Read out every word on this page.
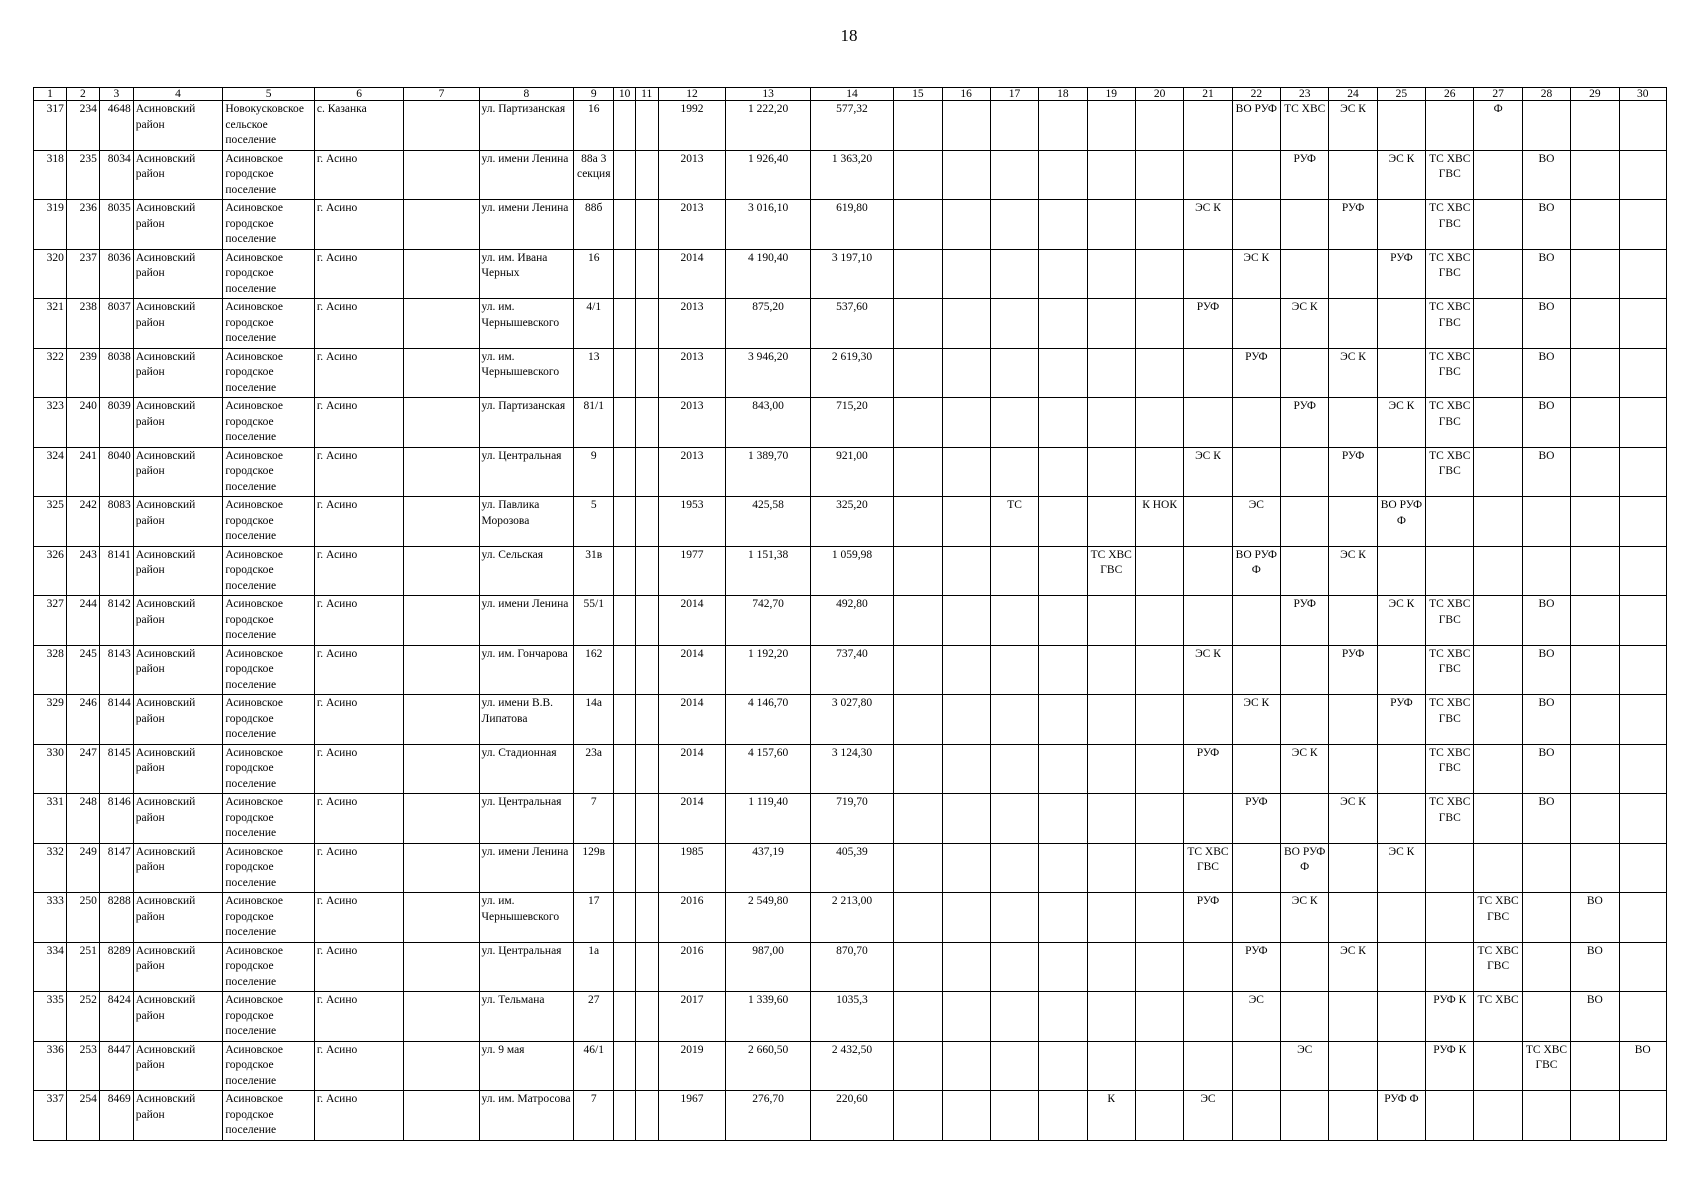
18
1	2	3	4	5	6	7	8	9	10	11	12	13	14	15	16	17	18	19	20	21	22	23	24	25	26	27	28	29	30
317	234	4648	Асиновский район	Новокусковское сельское поселение	с. Казанка		ул. Партизанская	16			1992	1 222,20	577,32								ВО РУФ	ТС ХВС	ЭС К			Ф			
318	235	8034	Асиновский район	Асиновское городское поселение	г. Асино		ул. имени Ленина	88а 3 секция			2013	1 926,40	1 363,20									РУФ		ЭС К	ТС ХВС ГВС		ВО		
319	236	8035	Асиновский район	Асиновское городское поселение	г. Асино		ул. имени Ленина	88б			2013	3 016,10	619,80							ЭС К			РУФ		ТС ХВС ГВС		ВО		
320	237	8036	Асиновский район	Асиновское городское поселение	г. Асино		ул. им. Ивана Черных	16			2014	4 190,40	3 197,10								ЭС К			РУФ	ТС ХВС ГВС		ВО		
321	238	8037	Асиновский район	Асиновское городское поселение	г. Асино		ул. им. Чернышевского	4/1			2013	875,20	537,60							РУФ		ЭС К			ТС ХВС ГВС		ВО		
322	239	8038	Асиновский район	Асиновское городское поселение	г. Асино		ул. им. Чернышевского	13			2013	3 946,20	2 619,30								РУФ		ЭС К		ТС ХВС ГВС		ВО		
323	240	8039	Асиновский район	Асиновское городское поселение	г. Асино		ул. Партизанская	81/1			2013	843,00	715,20									РУФ		ЭС К	ТС ХВС ГВС		ВО		
324	241	8040	Асиновский район	Асиновское городское поселение	г. Асино		ул. Центральная	9			2013	1 389,70	921,00							ЭС К			РУФ		ТС ХВС ГВС		ВО		
325	242	8083	Асиновский район	Асиновское городское поселение	г. Асино		ул. Павлика Морозова	5			1953	425,58	325,20			ТС			К НОК		ЭС			ВО РУФ Ф					
326	243	8141	Асиновский район	Асиновское городское поселение	г. Асино		ул. Сельская	31в			1977	1 151,38	1 059,98					ТС ХВС ГВС			ВО РУФ Ф		ЭС К						
327	244	8142	Асиновский район	Асиновское городское поселение	г. Асино		ул. имени Ленина	55/1			2014	742,70	492,80									РУФ		ЭС К	ТС ХВС ГВС		ВО		
328	245	8143	Асиновский район	Асиновское городское поселение	г. Асино		ул. им. Гончарова	162			2014	1 192,20	737,40							ЭС К			РУФ		ТС ХВС ГВС		ВО		
329	246	8144	Асиновский район	Асиновское городское поселение	г. Асино		ул. имени В.В. Липатова	14а			2014	4 146,70	3 027,80								ЭС К			РУФ	ТС ХВС ГВС		ВО		
330	247	8145	Асиновский район	Асиновское городское поселение	г. Асино		ул. Стадионная	23а			2014	4 157,60	3 124,30							РУФ		ЭС К			ТС ХВС ГВС		ВО		
331	248	8146	Асиновский район	Асиновское городское поселение	г. Асино		ул. Центральная	7			2014	1 119,40	719,70								РУФ		ЭС К		ТС ХВС ГВС		ВО		
332	249	8147	Асиновский район	Асиновское городское поселение	г. Асино		ул. имени Ленина	129в			1985	437,19	405,39							ТС ХВС ГВС		ВО РУФ Ф		ЭС К					
333	250	8288	Асиновский район	Асиновское городское поселение	г. Асино		ул. им. Чернышевского	17			2016	2 549,80	2 213,00							РУФ		ЭС К				ТС ХВС ГВС		ВО	
334	251	8289	Асиновский район	Асиновское городское поселение	г. Асино		ул. Центральная	1а			2016	987,00	870,70								РУФ		ЭС К			ТС ХВС ГВС		ВО	
335	252	8424	Асиновский район	Асиновское городское поселение	г. Асино		ул. Тельмана	27			2017	1 339,60	1035,3								ЭС				РУФ К	ТС ХВС		ВО	
336	253	8447	Асиновский район	Асиновское городское поселение	г. Асино		ул. 9 мая	46/1			2019	2 660,50	2 432,50									ЭС			РУФ К		ТС ХВС ГВС		ВО
337	254	8469	Асиновский район	Асиновское городское поселение	г. Асино		ул. им. Матросова	7			1967	276,70	220,60					К		ЭС				РУФ Ф					
